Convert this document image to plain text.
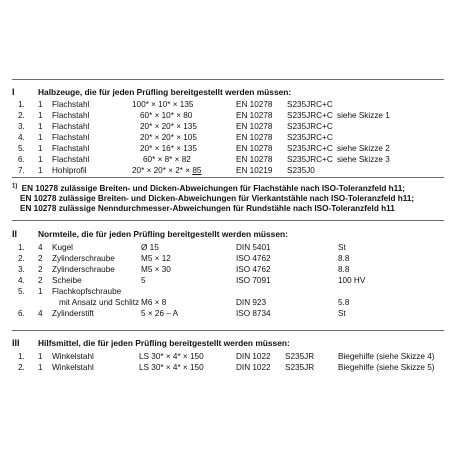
I	Halbzeuge, die für jeden Prüfling bereitgestellt werden müssen:
1. 1 Flachstahl	100* × 10* × 135	EN 10278 S235JRC+C
2. 1 Flachstahl	60* × 10* × 80	EN 10278 S235JRC+C siehe Skizze 1
3. 1 Flachstahl	20* × 20* × 135	EN 10278 S235JRC+C
4. 1 Flachstahl	20* × 20* × 105	EN 10278 S235JRC+C
5. 1 Flachstahl	20* × 16* × 135	EN 10278 S235JRC+C siehe Skizze 2
6. 1 Flachstahl	60* × 8* × 82	EN 10278 S235JRC+C siehe Skizze 3
7. 1 Hohlprofil	20* × 20* × 2* × 85	EN 10219 S235J0
$^{1)}$ EN 10278 zulässige Breiten- und Dicken-Abweichungen für Flachstähle nach ISO-Toleranzfeld h11;
EN 10278 zulässige Breiten- und Dicken-Abweichungen für Vierkantstähle nach ISO-Toleranzfeld h11;
EN 10278 zulässige Nenndurchmesser-Abweichungen für Rundstähle nach ISO-Toleranzfeld h11
II Normteile, die für jeden Prüfling bereitgestellt werden müssen:
1. 4 Kugel	Ø 15	DIN 5401	St
2. 2 Zylinderschraube	M5 × 12	ISO 4762	8.8
3. 2 Zylinderschraube	M5 × 30	ISO 4762	8.8
4. 2 Scheibe	5	ISO 7091	100 HV
5. 1 Flachkopfschraube
mit Ansatz und Schlitz M6 × 8	DIN 923	5.8
6. 4 Zylinderstift	5 × 26 – A	ISO 8734	St
III Hilfsmittel, die für jeden Prüfling bereitgestellt werden müssen:
1. 1 Winkelstahl	LS 30* × 4* × 150	DIN 1022 S235JR	Biegehilfe (siehe Skizze 4)
2. 1 Winkelstahl	LS 30* × 4* × 150	DIN 1022 S235JR	Biegehilfe (siehe Skizze 5)
